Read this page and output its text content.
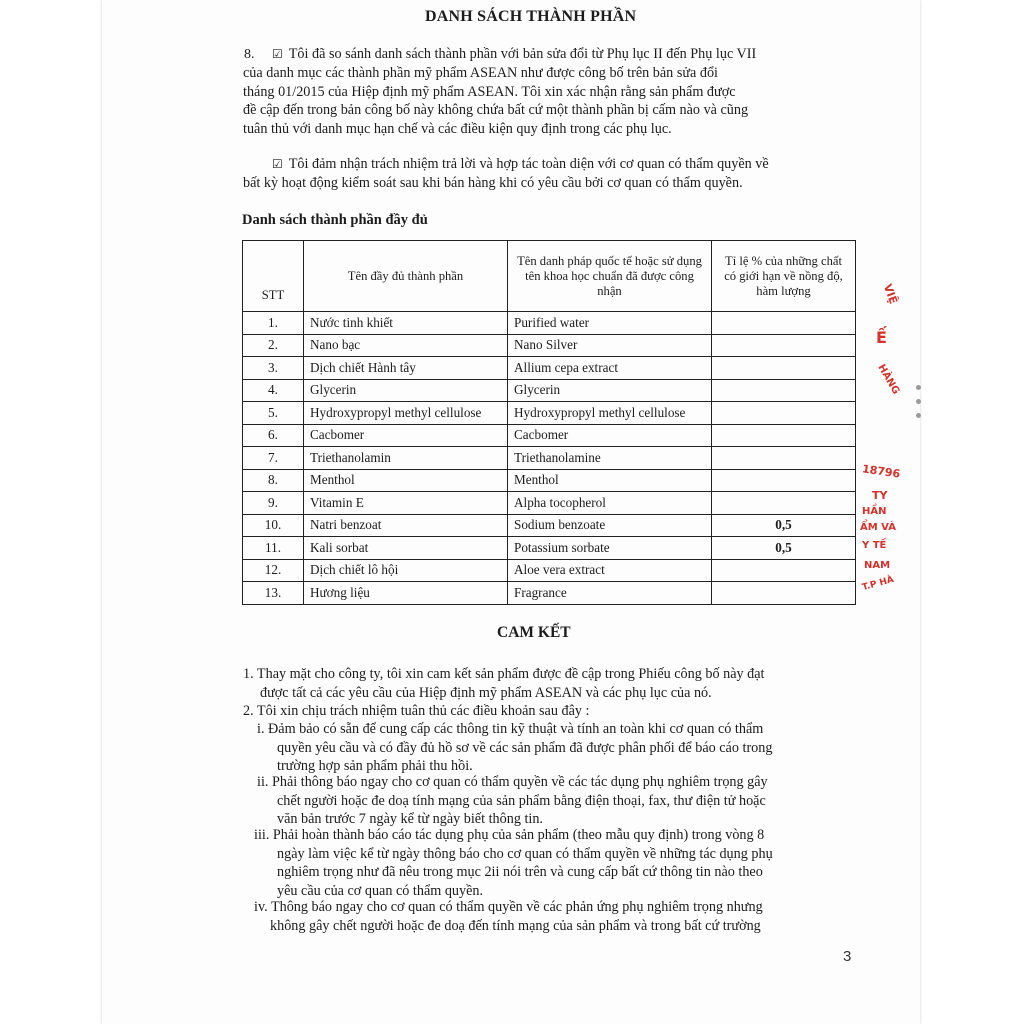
DANH SÁCH THÀNH PHẦN
8. ☑ Tôi đã so sánh danh sách thành phần với bản sửa đổi từ Phụ lục II đến Phụ lục VII
của danh mục các thành phần mỹ phẩm ASEAN như được công bố trên bản sửa đổi
tháng 01/2015 của Hiệp định mỹ phẩm ASEAN. Tôi xin xác nhận rằng sản phẩm được
đề cập đến trong bản công bố này không chứa bất cứ một thành phần bị cấm nào và cũng
tuân thủ với danh mục hạn chế và các điều kiện quy định trong các phụ lục.
☑ Tôi đảm nhận trách nhiệm trả lời và hợp tác toàn diện với cơ quan có thẩm quyền về
bất kỳ hoạt động kiểm soát sau khi bán hàng khi có yêu cầu bởi cơ quan có thẩm quyền.
Danh sách thành phần đầy đủ
STT	Tên đầy đủ thành phần	Tên danh pháp quốc tế hoặc sử dụng tên khoa học chuẩn đã được công nhận	Tỉ lệ % của những chất có giới hạn về nồng độ, hàm lượng
1.	Nước tinh khiết	Purified water	
2.	Nano bạc	Nano Silver	
3.	Dịch chiết Hành tây	Allium cepa extract	
4.	Glycerin	Glycerin	
5.	Hydroxypropyl methyl cellulose	Hydroxypropyl methyl cellulose	
6.	Cacbomer	Cacbomer	
7.	Triethanolamin	Triethanolamine	
8.	Menthol	Menthol	
9.	Vitamin E	Alpha tocopherol	
10.	Natri benzoat	Sodium benzoate	0,5
11.	Kali sorbat	Potassium sorbate	0,5
12.	Dịch chiết lô hội	Aloe vera extract	
13.	Hương liệu	Fragrance	
CAM KẾT
1. Thay mặt cho công ty, tôi xin cam kết sản phẩm được đề cập trong Phiếu công bố này đạt
được tất cả các yêu cầu của Hiệp định mỹ phẩm ASEAN và các phụ lục của nó.
2. Tôi xin chịu trách nhiệm tuân thủ các điều khoản sau đây :
i. Đảm bảo có sẵn để cung cấp các thông tin kỹ thuật và tính an toàn khi cơ quan có thẩm
quyền yêu cầu và có đầy đủ hồ sơ về các sản phẩm đã được phân phối để báo cáo trong
trường hợp sản phẩm phải thu hồi.
ii. Phải thông báo ngay cho cơ quan có thẩm quyền về các tác dụng phụ nghiêm trọng gây
chết người hoặc đe doạ tính mạng của sản phẩm bằng điện thoại, fax, thư điện tử hoặc
văn bản trước 7 ngày kể từ ngày biết thông tin.
iii. Phải hoàn thành báo cáo tác dụng phụ của sản phẩm (theo mẫu quy định) trong vòng 8
ngày làm việc kể từ ngày thông báo cho cơ quan có thẩm quyền về những tác dụng phụ
nghiêm trọng như đã nêu trong mục 2ii nói trên và cung cấp bất cứ thông tin nào theo
yêu cầu của cơ quan có thẩm quyền.
iv. Thông báo ngay cho cơ quan có thẩm quyền về các phản ứng phụ nghiêm trọng nhưng
không gây chết người hoặc đe doạ đến tính mạng của sản phẩm và trong bất cứ trường
3
VIỆ
Ế
HÀNG
18796
TY
HẦN
ẨM VÀ
Y TẾ
NAM
T.P HÀ
